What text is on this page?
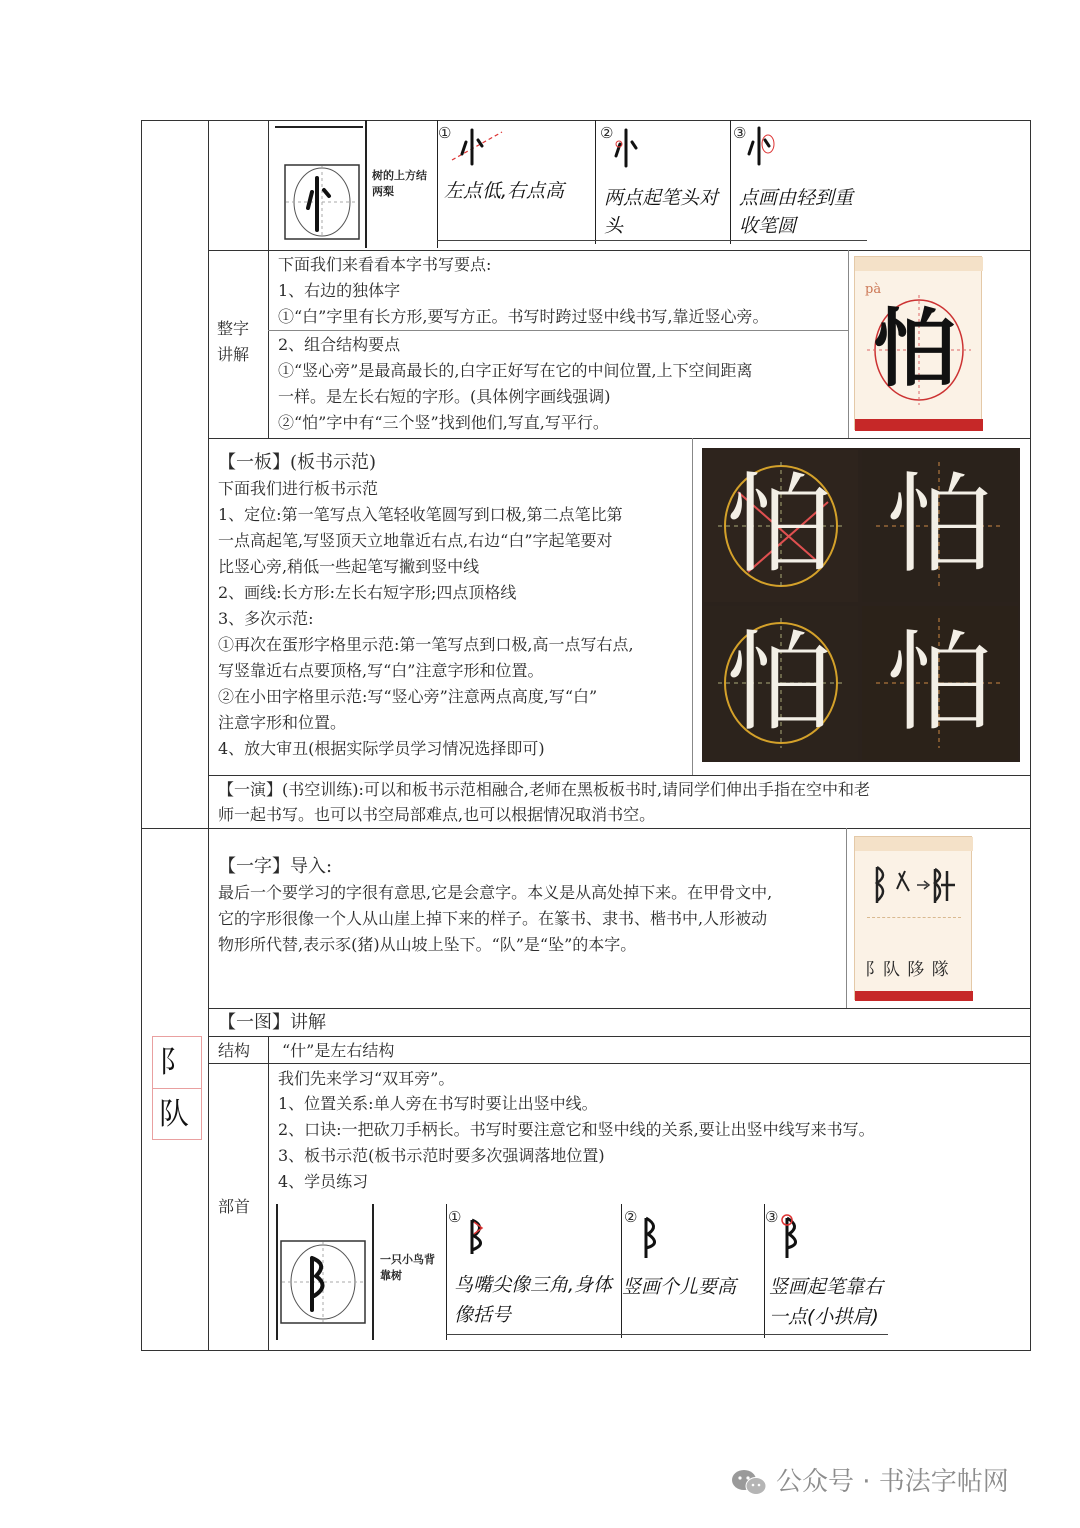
树的上方结两梨
①
左点低,右点高
②
两点起笔头对头
③
点画由轻到重收笔圆
整字讲解
下面我们来看看本字书写要点:
1、右边的独体字
①“白”字里有长方形,要写方正。书写时跨过竖中线书写,靠近竖心旁。
2、组合结构要点
①“竖心旁”是最高最长的,白字正好写在它的中间位置,上下空间距离
一样。是左长右短的字形。(具体例字画线强调)
②“怕”字中有“三个竖”找到他们,写直,写平行。
pà
怕
【一板】(板书示范)
下面我们进行板书示范
1、定位:第一笔写点入笔轻收笔圆写到口极,第二点笔比第
一点高起笔,写竖顶天立地靠近右点,右边“白”字起笔要对
比竖心旁,稍低一些起笔写撇到竖中线
2、画线:长方形:左长右短字形;四点顶格线
3、多次示范:
①再次在蛋形字格里示范:第一笔写点到口极,高一点写右点,
写竖靠近右点要顶格,写“白”注意字形和位置。
②在小田字格里示范:写“竖心旁”注意两点高度,写“白”
注意字形和位置。
4、放大审丑(根据实际学员学习情况选择即可)
怕 怕
怕 怕
【一演】(书空训练):可以和板书示范相融合,老师在黑板板书时,请同学们伸出手指在空中和老
师一起书写。也可以书空局部难点,也可以根据情况取消书空。
【一字】导入:
最后一个要学习的字很有意思,它是会意字。本义是从高处掉下来。在甲骨文中,
它的字形很像一个人从山崖上掉下来的样子。在篆书、隶书、楷书中,人形被动
物形所代替,表示豕(猪)从山坡上坠下。“队”是“坠”的本字。
阝队 陊 隊
【一图】讲解
结构 “什”是左右结构
部首
我们先来学习“双耳旁”。
1、位置关系:单人旁在书写时要让出竖中线。
2、口诀:一把砍刀手柄长。书写时要注意它和竖中线的关系,要让出竖中线写来书写。
3、板书示范(板书示范时要多次强调落地位置)
4、学员练习
一只小鸟背靠树
①
鸟嘴尖像三角,身体像括号
②
竖画个儿要高
③
竖画起笔靠右一点(小拱肩)
阝
队
公众号 · 书法字帖网
